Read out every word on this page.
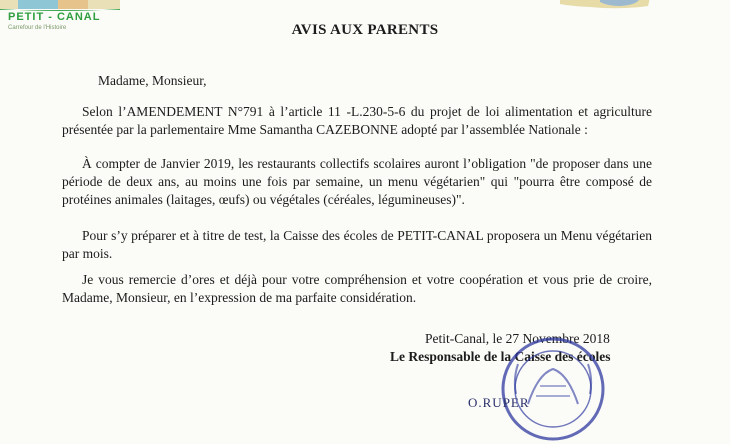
PETIT - CANAL
Carrefour de l'Histoire	AVIS AUX PARENTS
Madame, Monsieur,

Selon l’AMENDEMENT N°791 à l’article 11 -L.230-5-6 du projet de loi alimentation et agriculture présentée par la parlementaire Mme Samantha CAZEBONNE adopté par l’assemblée Nationale :

À compter de Janvier 2019, les restaurants collectifs scolaires auront l’obligation "de proposer dans une période de deux ans, au moins une fois par semaine, un menu végétarien" qui "pourra être composé de protéines animales (laitages, œufs) ou végétales (céréales, légumineuses)".

Pour s’y préparer et à titre de test, la Caisse des écoles de PETIT-CANAL proposera un Menu végétarien par mois.

Je vous remercie d’ores et déjà pour votre compréhension et votre coopération et vous prie de croire, Madame, Monsieur, en l’expression de ma parfaite considération.

Petit-Canal, le 27 Novembre 2018
Le Responsable de la Caisse des écoles
O.RUPER
